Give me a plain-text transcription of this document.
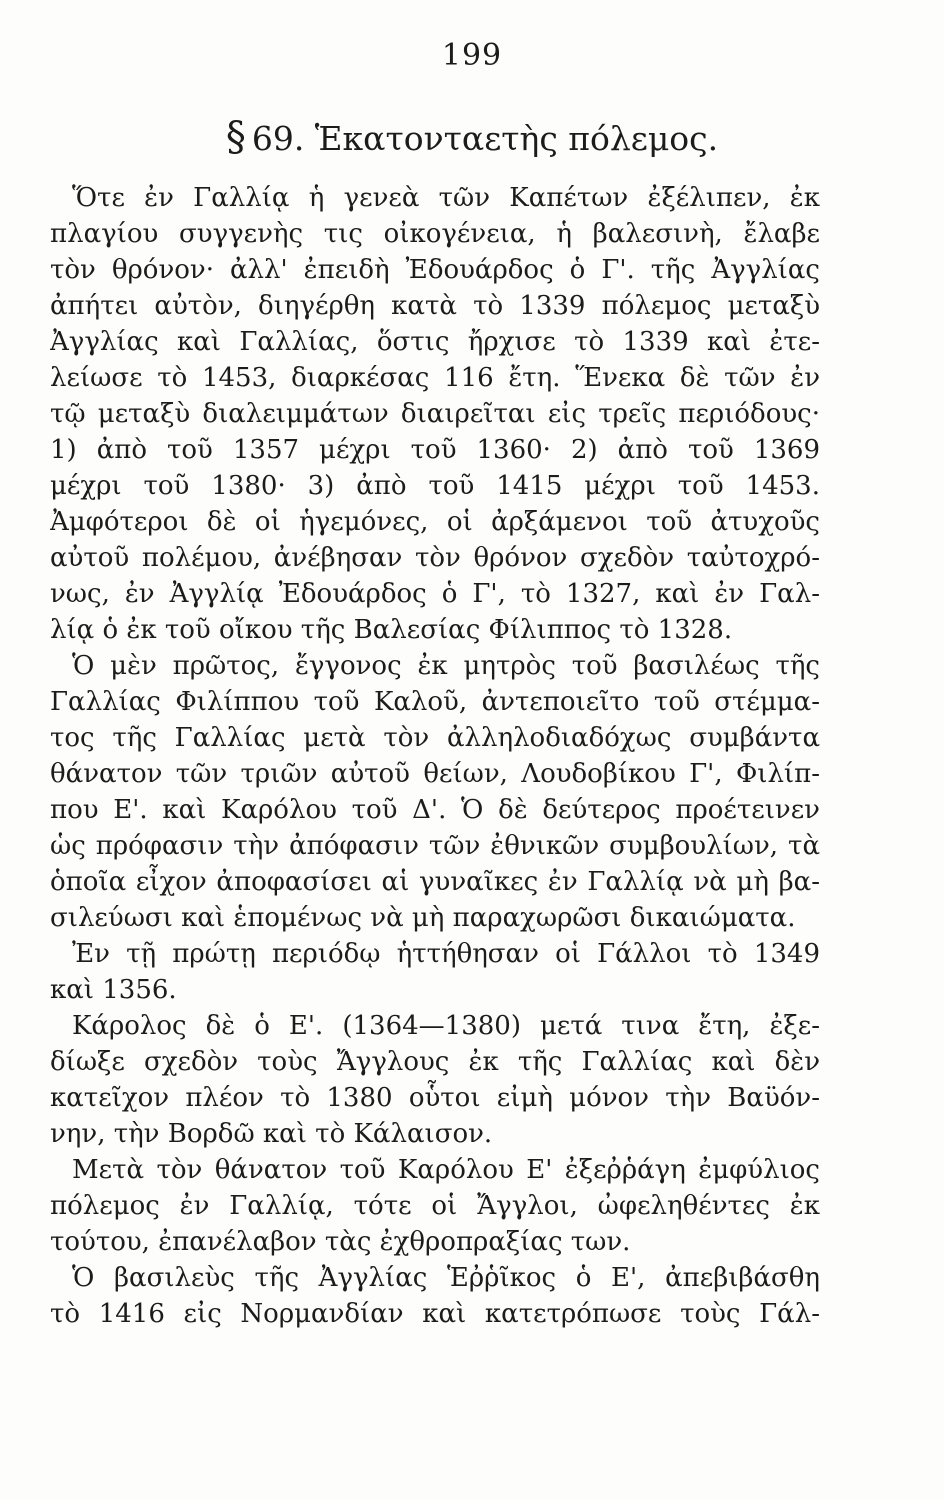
199
§ 69. Ἑκατονταετὴς πόλεμος.
Ὅτε ἐν Γαλλίᾳ ἡ γενεὰ τῶν Καπέτων ἐξέλιπεν, ἐκ
πλαγίου συγγενὴς τις οἰκογένεια, ἡ βαλεσινὴ, ἔλαβε
τὸν θρόνον· ἀλλ' ἐπειδὴ Ἐδουάρδος ὁ Γ'. τῆς Ἀγγλίας
ἀπήτει αὐτὸν, διηγέρθη κατὰ τὸ 1339 πόλεμος μεταξὺ
Ἀγγλίας καὶ Γαλλίας, ὅστις ἤρχισε τὸ 1339 καὶ ἐτε-
λείωσε τὸ 1453, διαρκέσας 116 ἔτη. Ἕνεκα δὲ τῶν ἐν
τῷ μεταξὺ διαλειμμάτων διαιρεῖται εἰς τρεῖς περιόδους·
1) ἀπὸ τοῦ 1357 μέχρι τοῦ 1360· 2) ἀπὸ τοῦ 1369
μέχρι τοῦ 1380· 3) ἀπὸ τοῦ 1415 μέχρι τοῦ 1453.
Ἀμφότεροι δὲ οἱ ἡγεμόνες, οἱ ἀρξάμενοι τοῦ ἀτυχοῦς
αὐτοῦ πολέμου, ἀνέβησαν τὸν θρόνον σχεδὸν ταὐτοχρό-
νως, ἐν Ἀγγλίᾳ Ἐδουάρδος ὁ Γ', τὸ 1327, καὶ ἐν Γαλ-
λίᾳ ὁ ἐκ τοῦ οἴκου τῆς Βαλεσίας Φίλιππος τὸ 1328.
Ὁ μὲν πρῶτος, ἔγγονος ἐκ μητρὸς τοῦ βασιλέως τῆς
Γαλλίας Φιλίππου τοῦ Καλοῦ, ἀντεποιεῖτο τοῦ στέμμα-
τος τῆς Γαλλίας μετὰ τὸν ἀλληλοδιαδόχως συμβάντα
θάνατον τῶν τριῶν αὐτοῦ θείων, Λουδοβίκου Γ', Φιλίπ-
που Ε'. καὶ Καρόλου τοῦ Δ'. Ὁ δὲ δεύτερος προέτεινεν
ὡς πρόφασιν τὴν ἀπόφασιν τῶν ἐθνικῶν συμβουλίων, τὰ
ὁποῖα εἶχον ἀποφασίσει αἱ γυναῖκες ἐν Γαλλίᾳ νὰ μὴ βα-
σιλεύωσι καὶ ἑπομένως νὰ μὴ παραχωρῶσι δικαιώματα.
Ἐν τῇ πρώτῃ περιόδῳ ἡττήθησαν οἱ Γάλλοι τὸ 1349
καὶ 1356.
Κάρολος δὲ ὁ Ε'. (1364—1380) μετά τινα ἔτη, ἐξε-
δίωξε σχεδὸν τοὺς Ἄγγλους ἐκ τῆς Γαλλίας καὶ δὲν
κατεῖχον πλέον τὸ 1380 οὗτοι εἰμὴ μόνον τὴν Βαϋόν-
νην, τὴν Βορδῶ καὶ τὸ Κάλαισον.
Μετὰ τὸν θάνατον τοῦ Καρόλου Ε' ἐξεῤῥάγη ἐμφύλιος
πόλεμος ἐν Γαλλίᾳ, τότε οἱ Ἄγγλοι, ὠφεληθέντες ἐκ
τούτου, ἐπανέλαβον τὰς ἐχθροπραξίας των.
Ὁ βασιλεὺς τῆς Ἀγγλίας Ἑῤῥῖκος ὁ Ε', ἀπεβιβάσθη
τὸ 1416 εἰς Νορμανδίαν καὶ κατετρόπωσε τοὺς Γάλ-
